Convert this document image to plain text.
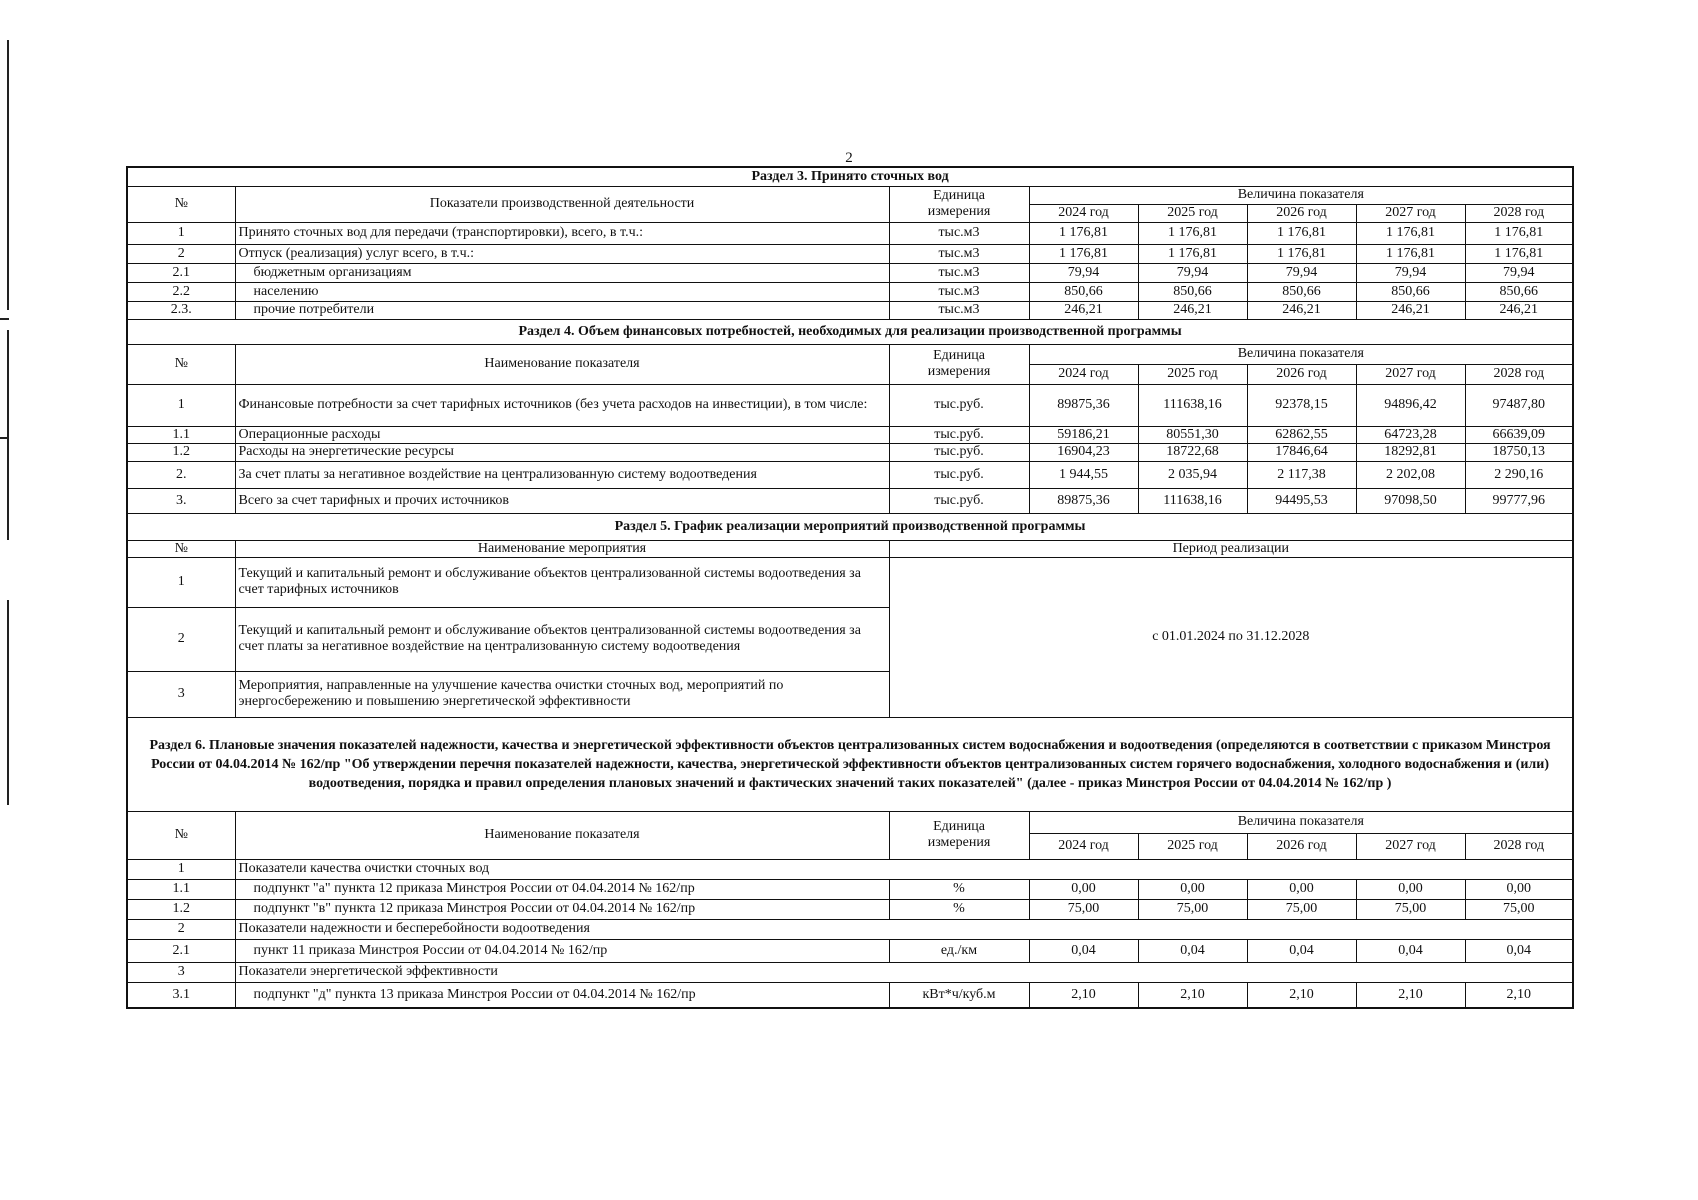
2
Раздел 3. Принято сточных вод							
№	Показатели производственной деятельности	Единица
измерения	Величина показателя				
			2024 год	2025 год	2026 год	2027 год	2028 год
1	Принято сточных вод для передачи (транспортировки), всего, в т.ч.:	тыс.м3	1 176,81	1 176,81	1 176,81	1 176,81	1 176,81
2	Отпуск (реализация) услуг всего, в т.ч.:	тыс.м3	1 176,81	1 176,81	1 176,81	1 176,81	1 176,81
2.1	бюджетным организациям	тыс.м3	79,94	79,94	79,94	79,94	79,94
2.2	населению	тыс.м3	850,66	850,66	850,66	850,66	850,66
2.3.	прочие потребители	тыс.м3	246,21	246,21	246,21	246,21	246,21
Раздел 4. Объем финансовых потребностей, необходимых для реализации производственной программы							
№	Наименование показателя	Единица
измерения	Величина показателя				
			2024 год	2025 год	2026 год	2027 год	2028 год
1	Финансовые потребности за счет тарифных источников (без учета расходов на инвестиции), в том числе:	тыс.руб.	89875,36	111638,16	92378,15	94896,42	97487,80
1.1	Операционные расходы	тыс.руб.	59186,21	80551,30	62862,55	64723,28	66639,09
1.2	Расходы на энергетические ресурсы	тыс.руб.	16904,23	18722,68	17846,64	18292,81	18750,13
2.	За счет платы за негативное воздействие на централизованную систему водоотведения	тыс.руб.	1 944,55	2 035,94	2 117,38	2 202,08	2 290,16
3.	Всего за счет тарифных и прочих источников	тыс.руб.	89875,36	111638,16	94495,53	97098,50	99777,96
Раздел 5. График реализации мероприятий производственной программы							
№	Наименование мероприятия	Период реализации					
1	Текущий и капитальный ремонт и обслуживание объектов централизованной системы водоотведения за счет тарифных источников	с 01.01.2024 по 31.12.2028					
2	Текущий и капитальный ремонт и обслуживание объектов централизованной системы водоотведения за счет платы за негативное воздействие на централизованную систему водоотведения						
3	Мероприятия, направленные на улучшение качества очистки сточных вод, мероприятий по энергосбережению и повышению энергетической эффективности						
Раздел 6. Плановые значения показателей надежности, качества и энергетической эффективности объектов централизованных систем водоснабжения и водоотведения (определяются в соответствии с приказом Минстроя России от 04.04.2014 № 162/пр "Об утверждении перечня показателей надежности, качества, энергетической эффективности объектов централизованных систем горячего водоснабжения, холодного водоснабжения и (или) водоотведения, порядка и правил определения плановых значений и фактических значений таких показателей" (далее - приказ Минстроя России от 04.04.2014 № 162/пр )							
№	Наименование показателя	Единица
измерения	Величина показателя				
			2024 год	2025 год	2026 год	2027 год	2028 год
1	Показатели качества очистки сточных вод						
1.1	подпункт "а" пункта 12 приказа Минстроя России от 04.04.2014 № 162/пр	%	0,00	0,00	0,00	0,00	0,00
1.2	подпункт "в" пункта 12 приказа Минстроя России от 04.04.2014 № 162/пр	%	75,00	75,00	75,00	75,00	75,00
2	Показатели надежности и бесперебойности водоотведения						
2.1	пункт 11 приказа Минстроя России от 04.04.2014 № 162/пр	ед./км	0,04	0,04	0,04	0,04	0,04
3	Показатели энергетической эффективности						
3.1	подпункт "д" пункта 13 приказа Минстроя России от 04.04.2014 № 162/пр	кВт*ч/куб.м	2,10	2,10	2,10	2,10	2,10
